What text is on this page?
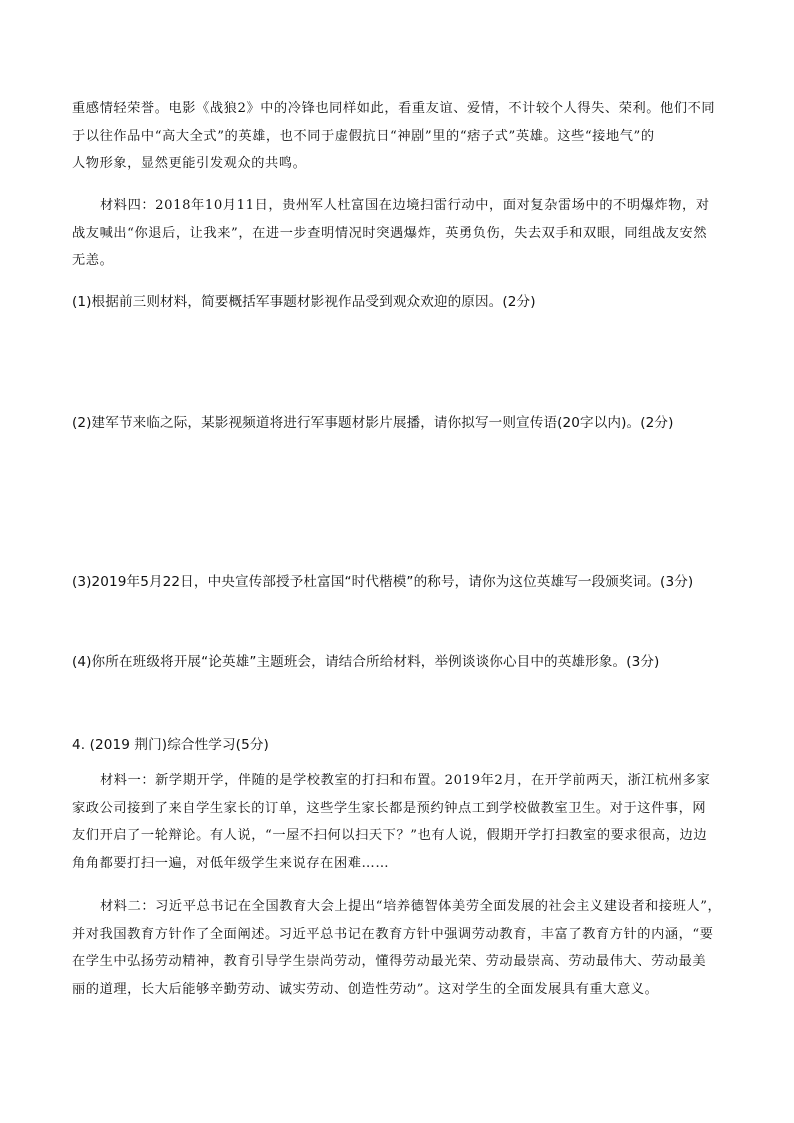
重感情轻荣誉。电影《战狼2》中的冷锋也同样如此，看重友谊、爱情，不计较个人得失、荣利。他们不同
于以往作品中“高大全式”的英雄，也不同于虚假抗日“神剧”里的“痞子式”英雄。这些“接地气”的
人物形象，显然更能引发观众的共鸣。

材料四：2018年10月11日，贵州军人杜富国在边境扫雷行动中，面对复杂雷场中的不明爆炸物，对
战友喊出“你退后，让我来”，在进一步查明情况时突遇爆炸，英勇负伤，失去双手和双眼，同组战友安然
无恙。

(1)根据前三则材料，简要概括军事题材影视作品受到观众欢迎的原因。(2分)

(2)建军节来临之际，某影视频道将进行军事题材影片展播，请你拟写一则宣传语(20字以内)。(2分)

(3)2019年5月22日，中央宣传部授予杜富国“时代楷模”的称号，请你为这位英雄写一段颁奖词。(3分)

(4)你所在班级将开展“论英雄”主题班会，请结合所给材料，举例谈谈你心目中的英雄形象。(3分)

4. (2019 荆门)综合性学习(5分)

材料一：新学期开学，伴随的是学校教室的打扫和布置。2019年2月，在开学前两天，浙江杭州多家
家政公司接到了来自学生家长的订单，这些学生家长都是预约钟点工到学校做教室卫生。对于这件事，网
友们开启了一轮辩论。有人说，“一屋不扫何以扫天下？”也有人说，假期开学打扫教室的要求很高，边边
角角都要打扫一遍，对低年级学生来说存在困难……

材料二：习近平总书记在全国教育大会上提出“培养德智体美劳全面发展的社会主义建设者和接班人”，
并对我国教育方针作了全面阐述。习近平总书记在教育方针中强调劳动教育，丰富了教育方针的内涵，“要
在学生中弘扬劳动精神，教育引导学生崇尚劳动，懂得劳动最光荣、劳动最崇高、劳动最伟大、劳动最美
丽的道理，长大后能够辛勤劳动、诚实劳动、创造性劳动”。这对学生的全面发展具有重大意义。
